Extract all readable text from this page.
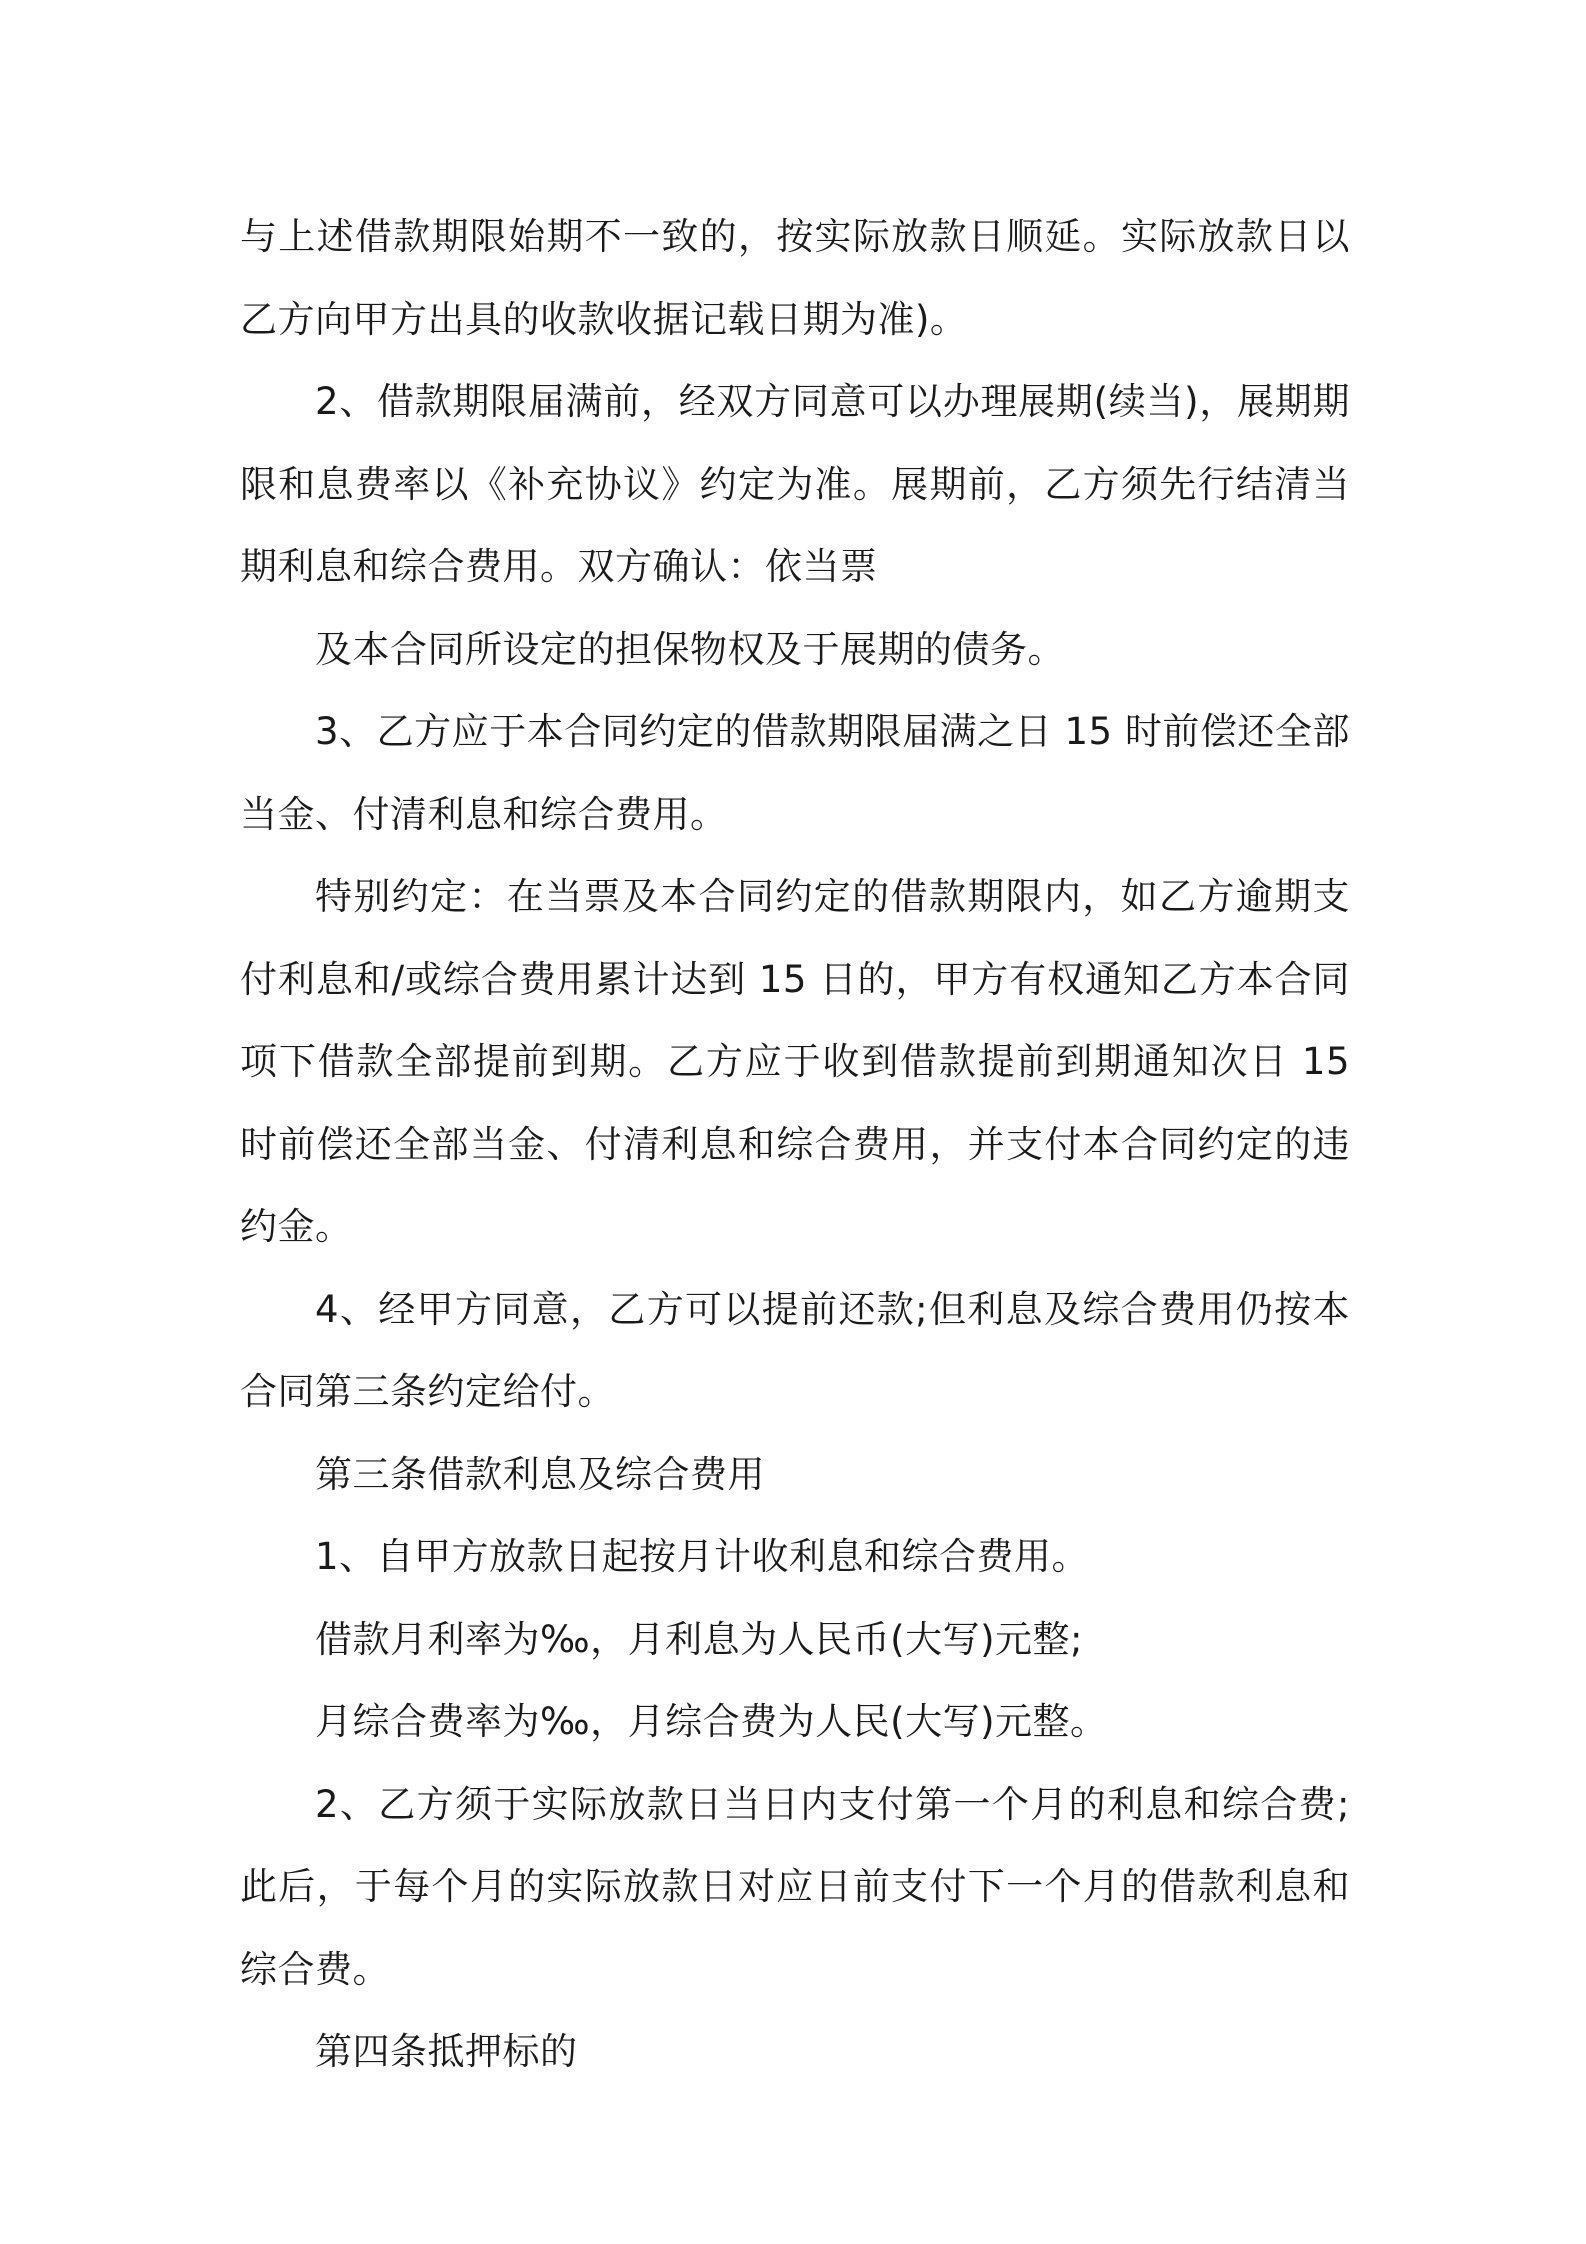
与上述借款期限始期不一致的，按实际放款日顺延。实际放款日以乙方向甲方出具的收款收据记载日期为准)。

2、借款期限届满前，经双方同意可以办理展期(续当)，展期期限和息费率以《补充协议》约定为准。展期前，乙方须先行结清当期利息和综合费用。双方确认：依当票

及本合同所设定的担保物权及于展期的债务。

3、乙方应于本合同约定的借款期限届满之日 15 时前偿还全部当金、付清利息和综合费用。

特别约定：在当票及本合同约定的借款期限内，如乙方逾期支付利息和/或综合费用累计达到 15 日的，甲方有权通知乙方本合同项下借款全部提前到期。乙方应于收到借款提前到期通知次日 15 时前偿还全部当金、付清利息和综合费用，并支付本合同约定的违约金。

4、经甲方同意，乙方可以提前还款;但利息及综合费用仍按本合同第三条约定给付。

第三条借款利息及综合费用

1、自甲方放款日起按月计收利息和综合费用。

借款月利率为‰，月利息为人民币(大写)元整;

月综合费率为‰，月综合费为人民(大写)元整。

2、乙方须于实际放款日当日内支付第一个月的利息和综合费;此后，于每个月的实际放款日对应日前支付下一个月的借款利息和综合费。

第四条抵押标的
